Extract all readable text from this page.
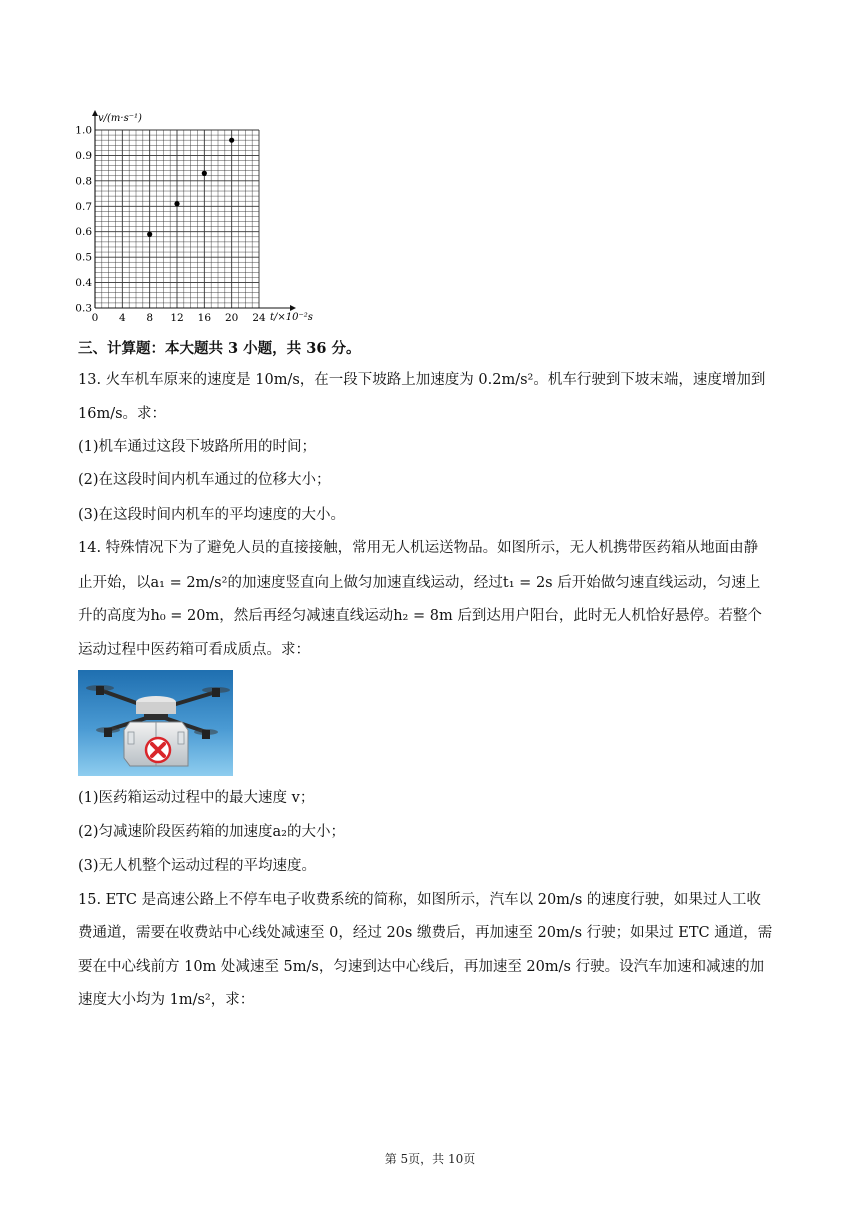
v/(m·s⁻¹)
t/×10⁻²s
0.3
0.4
0.5
0.6
0.7
0.8
0.9
1.0
0 4 8 12 16 20 24
三、计算题：本大题共 3 小题，共 36 分。
13. 火车机车原来的速度是 10m/s，在一段下坡路上加速度为 0.2m/s²。机车行驶到下坡末端，速度增加到
16m/s。求：
(1)机车通过这段下坡路所用的时间；
(2)在这段时间内机车通过的位移大小；
(3)在这段时间内机车的平均速度的大小。
14. 特殊情况下为了避免人员的直接接触，常用无人机运送物品。如图所示，无人机携带医药箱从地面由静
止开始，以a₁ = 2m/s²的加速度竖直向上做匀加速直线运动，经过t₁ = 2s 后开始做匀速直线运动，匀速上
升的高度为h₀ = 20m，然后再经匀减速直线运动h₂ = 8m 后到达用户阳台，此时无人机恰好悬停。若整个
运动过程中医药箱可看成质点。求：
(1)医药箱运动过程中的最大速度 v；
(2)匀减速阶段医药箱的加速度a₂的大小；
(3)无人机整个运动过程的平均速度。
15. ETC 是高速公路上不停车电子收费系统的简称，如图所示，汽车以 20m/s 的速度行驶，如果过人工收
费通道，需要在收费站中心线处减速至 0，经过 20s 缴费后，再加速至 20m/s 行驶；如果过 ETC 通道，需
要在中心线前方 10m 处减速至 5m/s，匀速到达中心线后，再加速至 20m/s 行驶。设汽车加速和减速的加
速度大小均为 1m/s²，求：
第 5页，共 10页
